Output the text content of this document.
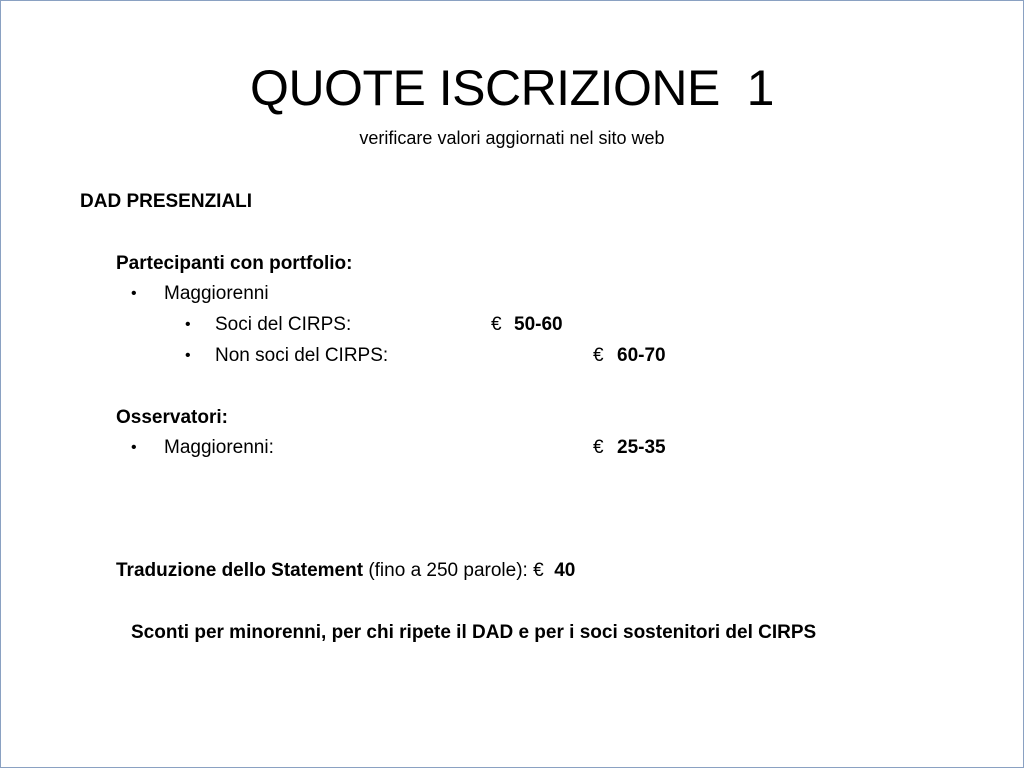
QUOTE ISCRIZIONE  1
verificare valori aggiornati nel sito web
DAD PRESENZIALI
Partecipanti con portfolio:
• Maggiorenni
• Soci del CIRPS:	€ 50-60
• Non soci del CIRPS:	€ 60-70
Osservatori:
• Maggiorenni:	€ 25-35
Traduzione dello Statement (fino a 250 parole): € 40
Sconti per minorenni, per chi ripete il DAD e per i soci sostenitori del CIRPS
